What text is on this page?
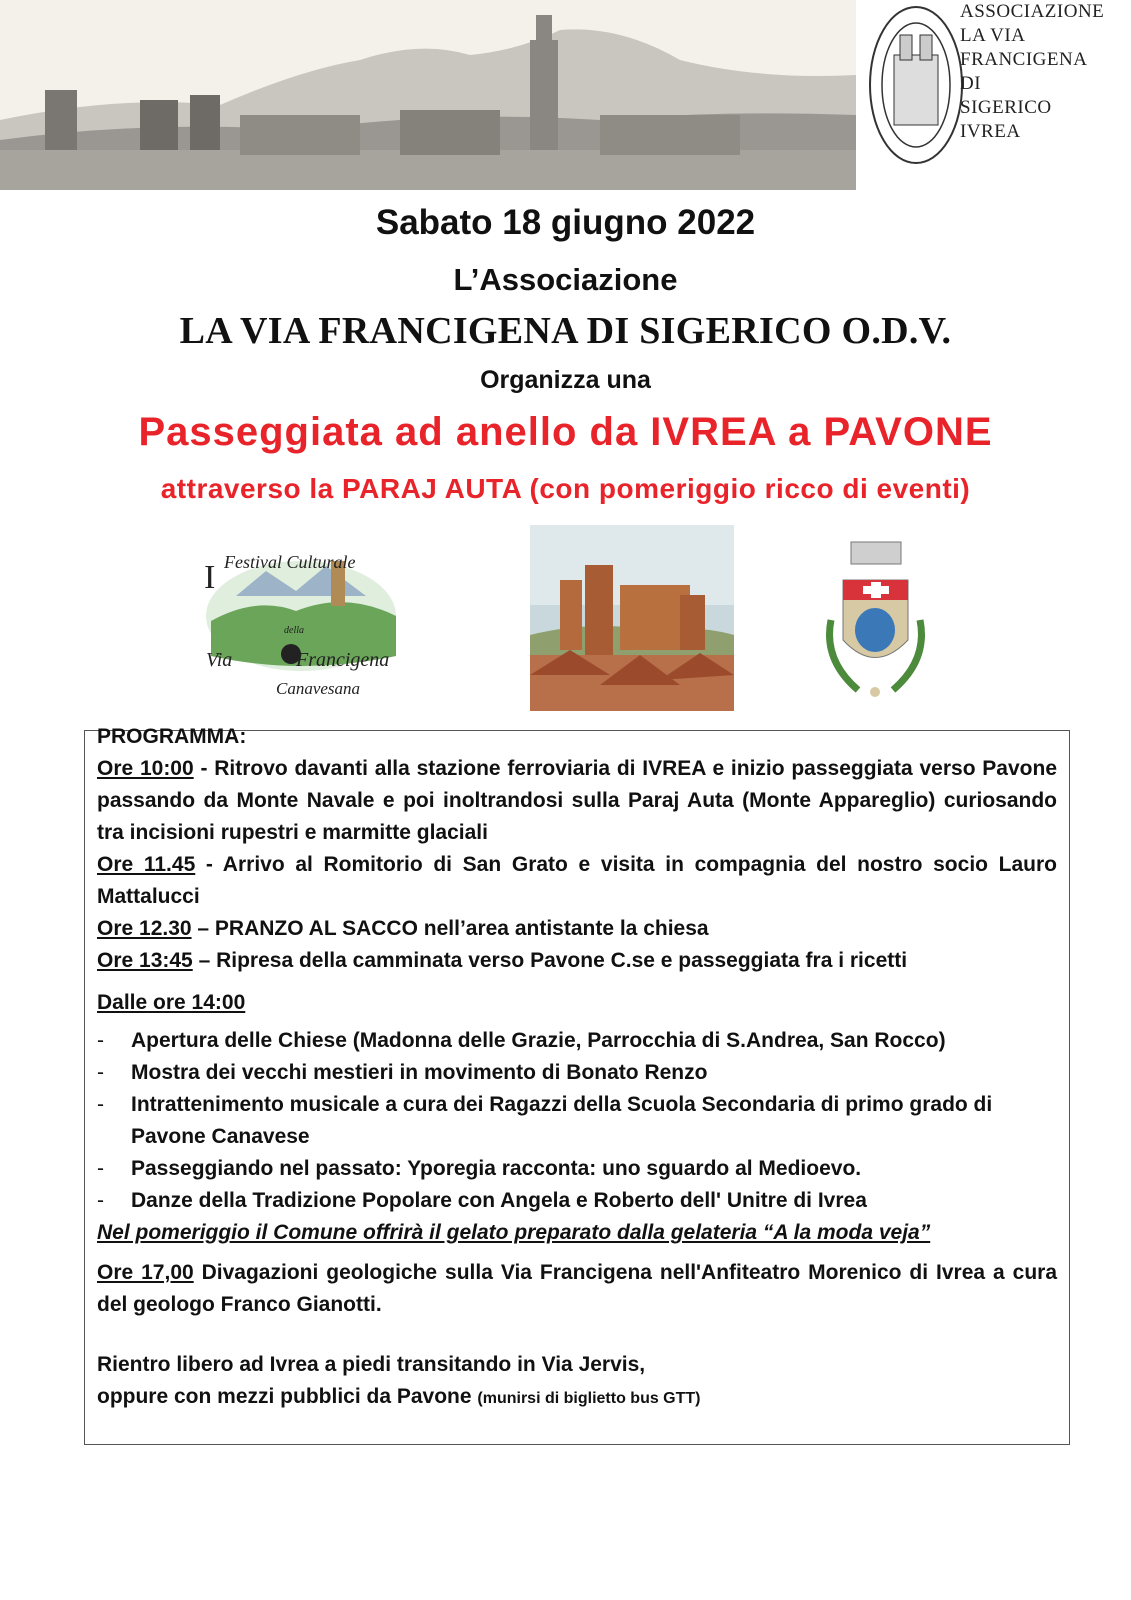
ASSOCIAZIONE
LA VIA
FRANCIGENA
DI
SIGERICO
IVREA
Sabato 18 giugno 2022
L’Associazione
LA VIA FRANCIGENA DI SIGERICO O.D.V.
Organizza una
Passeggiata ad anello da IVREA a PAVONE
attraverso la PARAJ AUTA (con pomeriggio ricco di eventi)
I Festival Culturale
della
Via	Francigena
Canavesana

PROGRAMMA:

Ore 10:00 - Ritrovo davanti alla stazione ferroviaria di IVREA e inizio passeggiata verso Pavone passando da Monte Navale e poi inoltrandosi sulla Paraj Auta (Monte Appareglio) curiosando tra incisioni rupestri e marmitte glaciali

Ore 11.45 - Arrivo al Romitorio di San Grato e visita in compagnia del nostro socio Lauro Mattalucci

Ore 12.30 – PRANZO AL SACCO nell’area antistante la chiesa

Ore 13:45 – Ripresa della camminata verso Pavone C.se e passeggiata fra i ricetti

Dalle ore 14:00

- Apertura delle Chiese (Madonna delle Grazie, Parrocchia di S.Andrea, San Rocco)
- Mostra dei vecchi mestieri in movimento di Bonato Renzo
- Intrattenimento musicale a cura dei Ragazzi della Scuola Secondaria di primo grado di Pavone Canavese
- Passeggiando nel passato: Yporegia racconta: uno sguardo al Medioevo.
- Danze della Tradizione Popolare con Angela e Roberto dell' Unitre di Ivrea

Nel pomeriggio il Comune offrirà il gelato preparato dalla gelateria “A la moda veja”

Ore 17,00 Divagazioni geologiche sulla Via Francigena nell'Anfiteatro Morenico di Ivrea a cura del geologo Franco Gianotti.

Rientro libero ad Ivrea a piedi transitando in Via Jervis,

oppure con mezzi pubblici da Pavone (munirsi di biglietto bus GTT)
